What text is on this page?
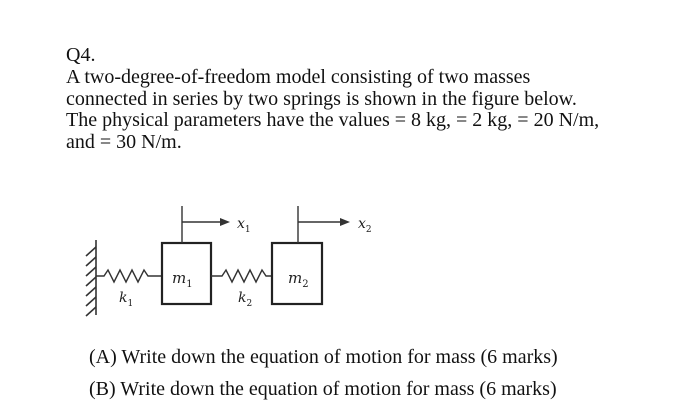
Q4.
A two-degree-of-freedom model consisting of two masses
connected in series by two springs is shown in the figure below.
The physical parameters have the values = 8 kg, = 2 kg, = 20 N/m,
and = 30 N/m.
$m_1$	$m_2$
$k_1$	$k_2$
$x_1$	$x_2$
(A) Write down the equation of motion for mass (6 marks)
(B) Write down the equation of motion for mass (6 marks)
